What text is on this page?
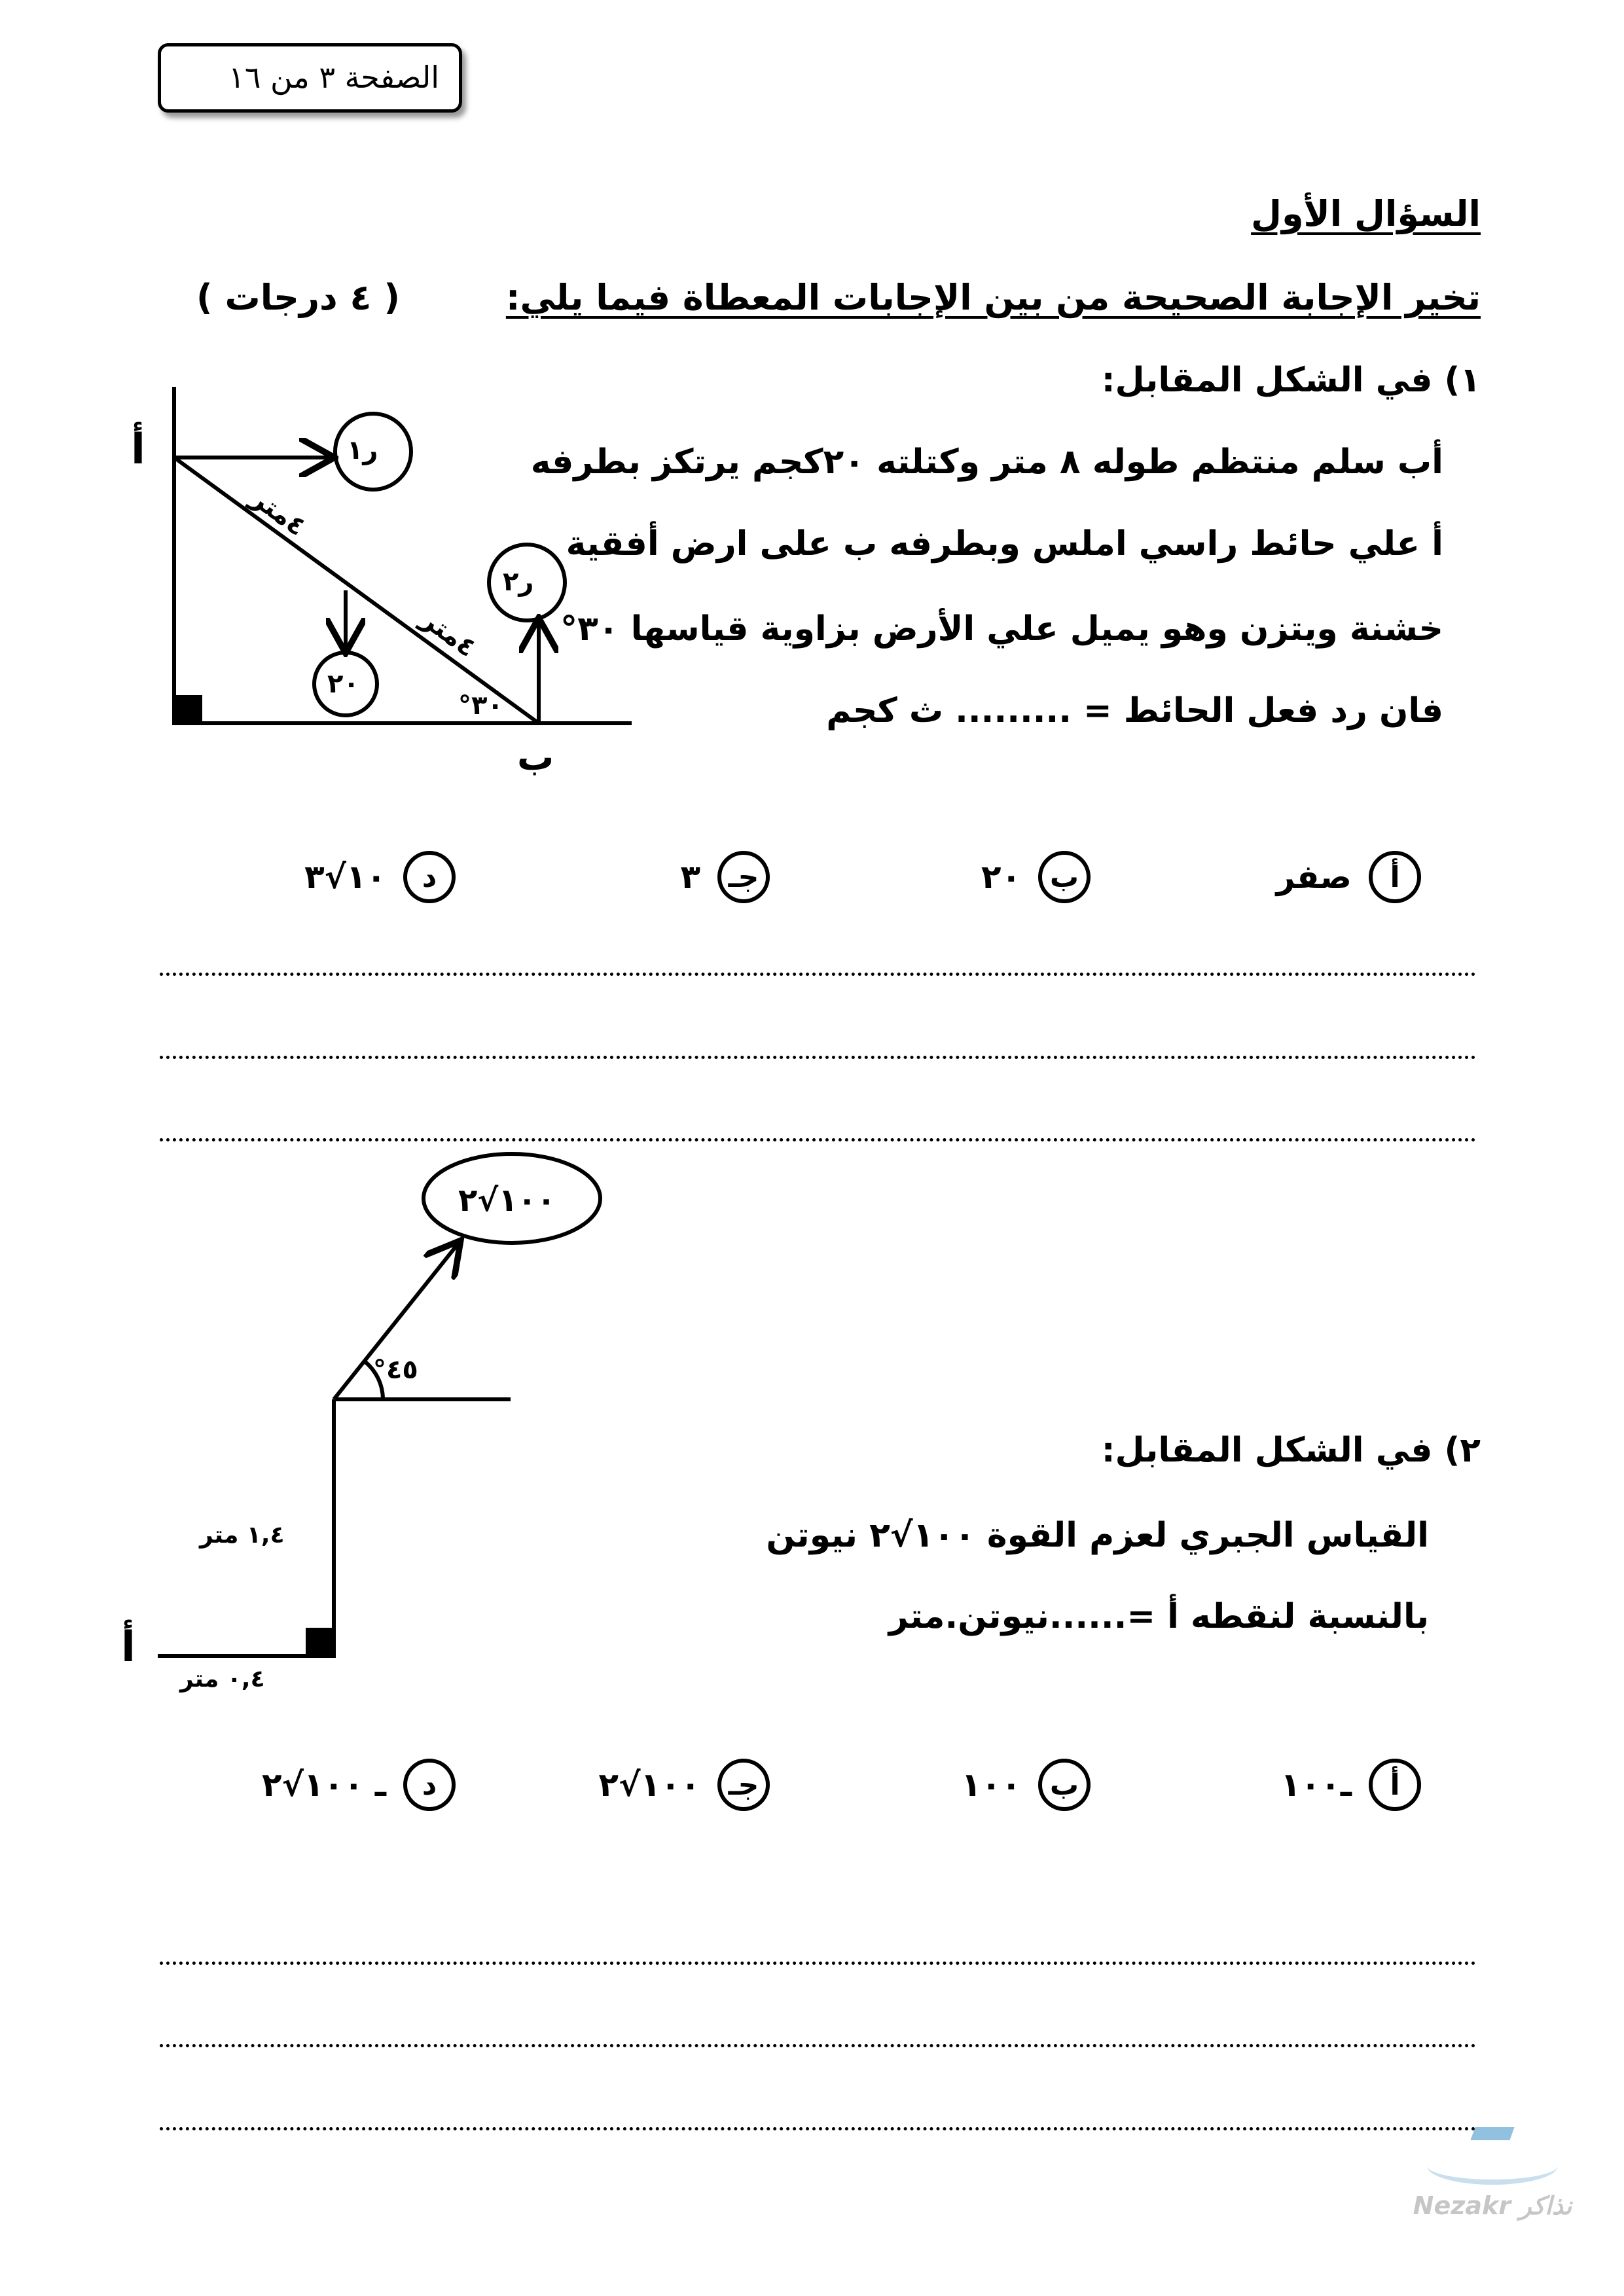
الصفحة ٣ من ١٦
السؤال الأول
تخير الإجابة الصحيحة من بين الإجابات المعطاة فيما يلي:
( ٤ درجات )
١) في الشكل المقابل:
أب سلم منتظم طوله ٨ متر وكتلته ٢٠كجم يرتكز بطرفه
أ علي حائط راسي املس وبطرفه ب على ارض أفقية
خشنة ويتزن وهو يميل علي الأرض بزاوية قياسها ٣٠°
فان رد فعل الحائط = ......... ث كجم
أ
ب
ر١
ر٢
٢٠
٤متر
٤متر
٣٠°
أ
صفر
ب
٢٠
جـ
٣
د
١٠√٣
١٠٠√٢
٤٥°
١,٤ متر
٠,٤ متر
أ
٢) في الشكل المقابل:
القياس الجبري لعزم القوة ١٠٠√٢ نيوتن
بالنسبة لنقطه أ =......نيوتن.متر
أ
ـ١٠٠
ب
١٠٠
جـ
١٠٠√٢
د
ـ ١٠٠√٢
Nezakr نذاكر
